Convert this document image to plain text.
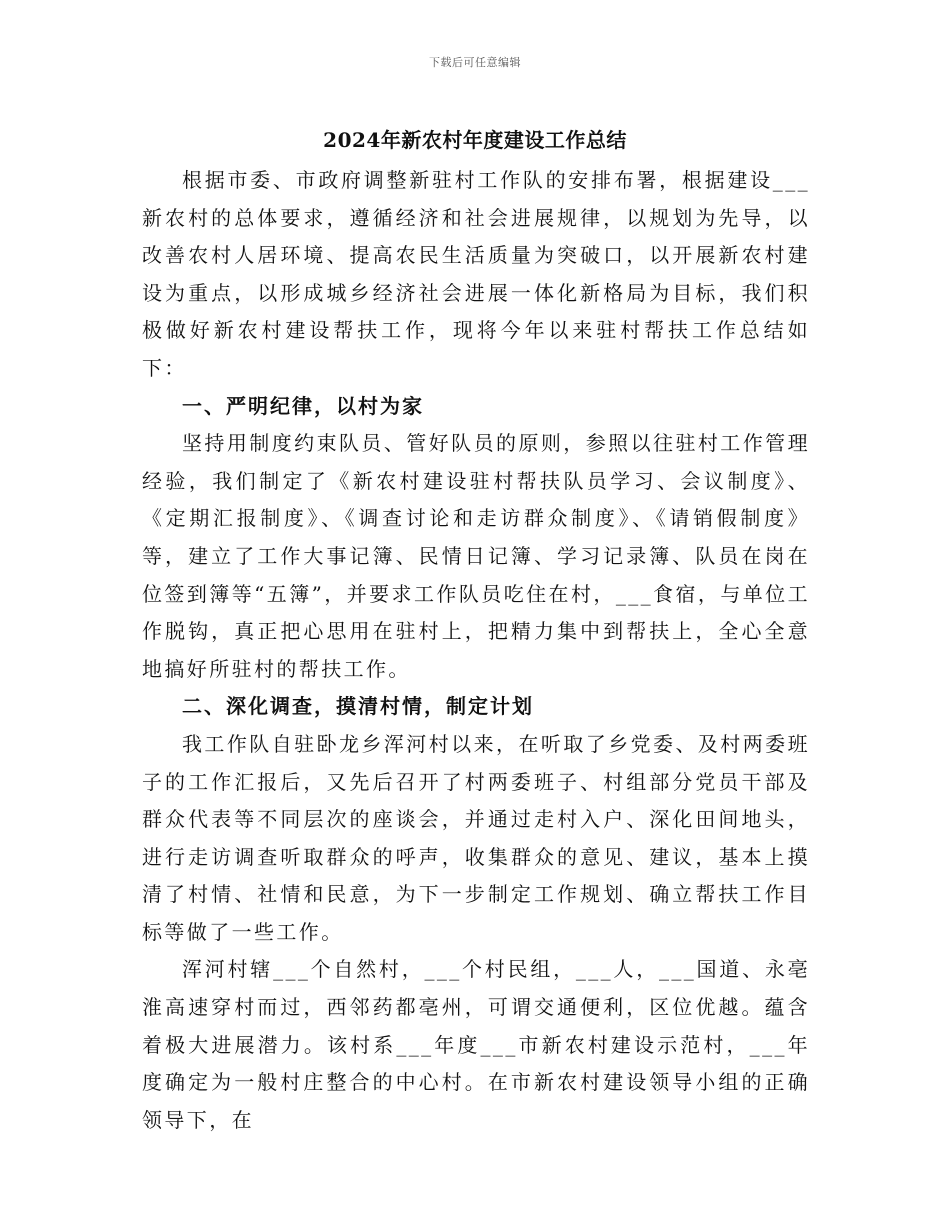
下载后可任意编辑
2024年新农村年度建设工作总结

根据市委、市政府调整新驻村工作队的安排布署，根据建设___新农村的总体要求，遵循经济和社会进展规律，以规划为先导，以改善农村人居环境、提高农民生活质量为突破口，以开展新农村建设为重点，以形成城乡经济社会进展一体化新格局为目标，我们积极做好新农村建设帮扶工作，现将今年以来驻村帮扶工作总结如下：

一、严明纪律，以村为家

坚持用制度约束队员、管好队员的原则，参照以往驻村工作管理经验，我们制定了《新农村建设驻村帮扶队员学习、会议制度》、《定期汇报制度》、《调查讨论和走访群众制度》、《请销假制度》等，建立了工作大事记簿、民情日记簿、学习记录簿、队员在岗在位签到簿等“五簿”，并要求工作队员吃住在村，___食宿，与单位工作脱钩，真正把心思用在驻村上，把精力集中到帮扶上，全心全意地搞好所驻村的帮扶工作。

二、深化调查，摸清村情，制定计划

我工作队自驻卧龙乡浑河村以来，在听取了乡党委、及村两委班子的工作汇报后，又先后召开了村两委班子、村组部分党员干部及群众代表等不同层次的座谈会，并通过走村入户、深化田间地头，进行走访调查听取群众的呼声，收集群众的意见、建议，基本上摸清了村情、社情和民意，为下一步制定工作规划、确立帮扶工作目标等做了一些工作。

浑河村辖___个自然村，___个村民组，___人，___国道、永亳淮高速穿村而过，西邻药都亳州，可谓交通便利，区位优越。蕴含着极大进展潜力。该村系___年度___市新农村建设示范村，___年度确定为一般村庄整合的中心村。在市新农村建设领导小组的正确领导下，在
